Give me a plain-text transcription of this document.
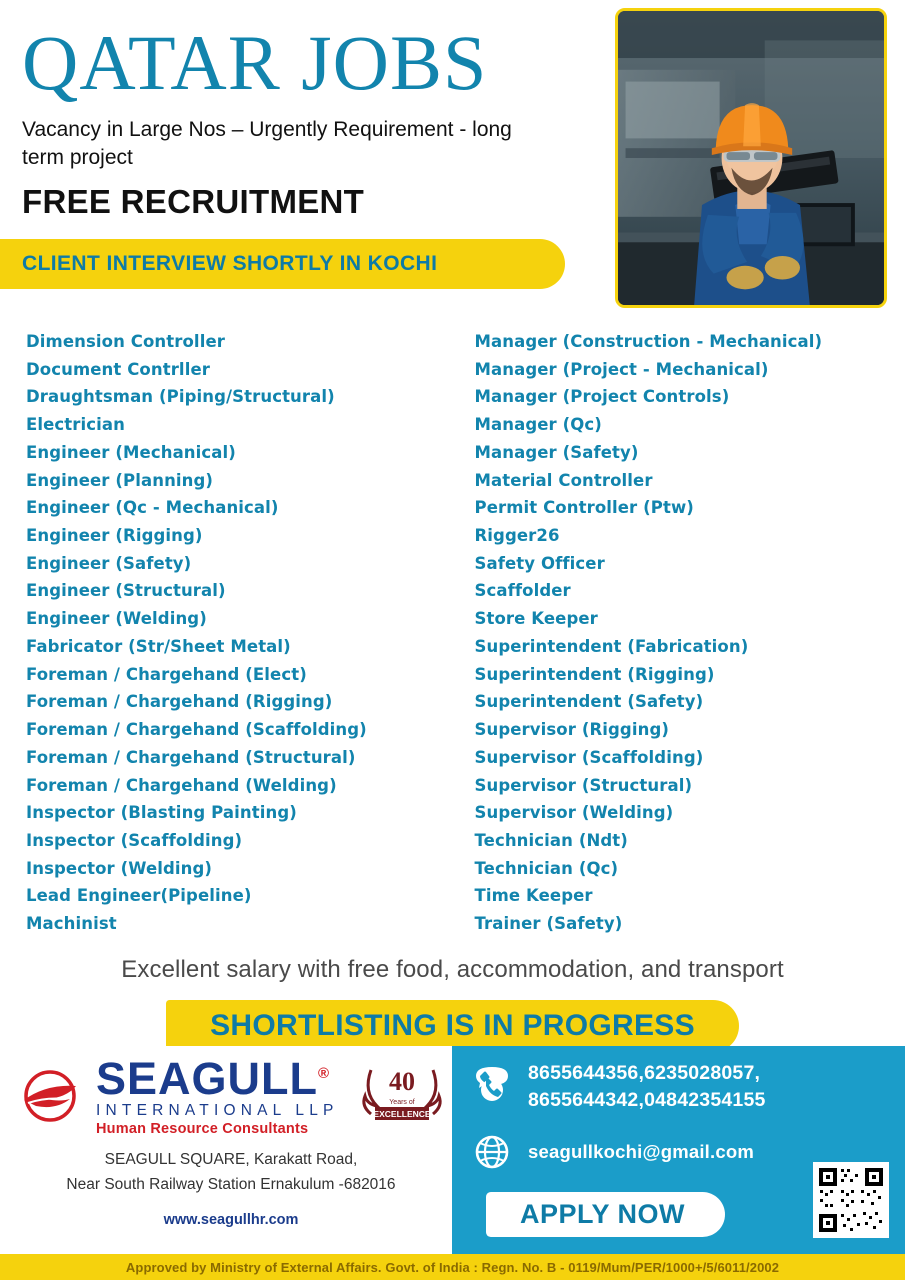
QATAR JOBS
Vacancy in Large Nos – Urgently Requirement - long term project
FREE RECRUITMENT
CLIENT INTERVIEW SHORTLY IN KOCHI
Dimension Controller
Document Contrller
Draughtsman (Piping/Structural)
Electrician
Engineer (Mechanical)
Engineer (Planning)
Engineer (Qc - Mechanical)
Engineer (Rigging)
Engineer (Safety)
Engineer (Structural)
Engineer (Welding)
Fabricator (Str/Sheet Metal)
Foreman / Chargehand (Elect)
Foreman / Chargehand (Rigging)
Foreman / Chargehand (Scaffolding)
Foreman / Chargehand (Structural)
Foreman / Chargehand (Welding)
Inspector (Blasting Painting)
Inspector (Scaffolding)
Inspector (Welding)
Lead Engineer(Pipeline)
Machinist
Manager (Construction - Mechanical)
Manager (Project - Mechanical)
Manager (Project Controls)
Manager (Qc)
Manager (Safety)
Material Controller
Permit Controller (Ptw)
Rigger26
Safety Officer
Scaffolder
Store Keeper
Superintendent (Fabrication)
Superintendent (Rigging)
Superintendent (Safety)
Supervisor (Rigging)
Supervisor (Scaffolding)
Supervisor (Structural)
Supervisor (Welding)
Technician (Ndt)
Technician (Qc)
Time Keeper
Trainer (Safety)
Excellent salary with free food, accommodation, and transport
SHORTLISTING IS IN PROGRESS
SEAGULL®
INTERNATIONAL LLP
Human Resource Consultants
40
Years of
EXCELLENCE
SEAGULL SQUARE, Karakatt Road,
Near South Railway Station Ernakulum -682016
www.seagullhr.com
8655644356,6235028057, 8655644342,04842354155
seagullkochi@gmail.com
APPLY NOW
Approved by Ministry of External Affairs. Govt. of India : Regn. No. B - 0119/Mum/PER/1000+/5/6011/2002
